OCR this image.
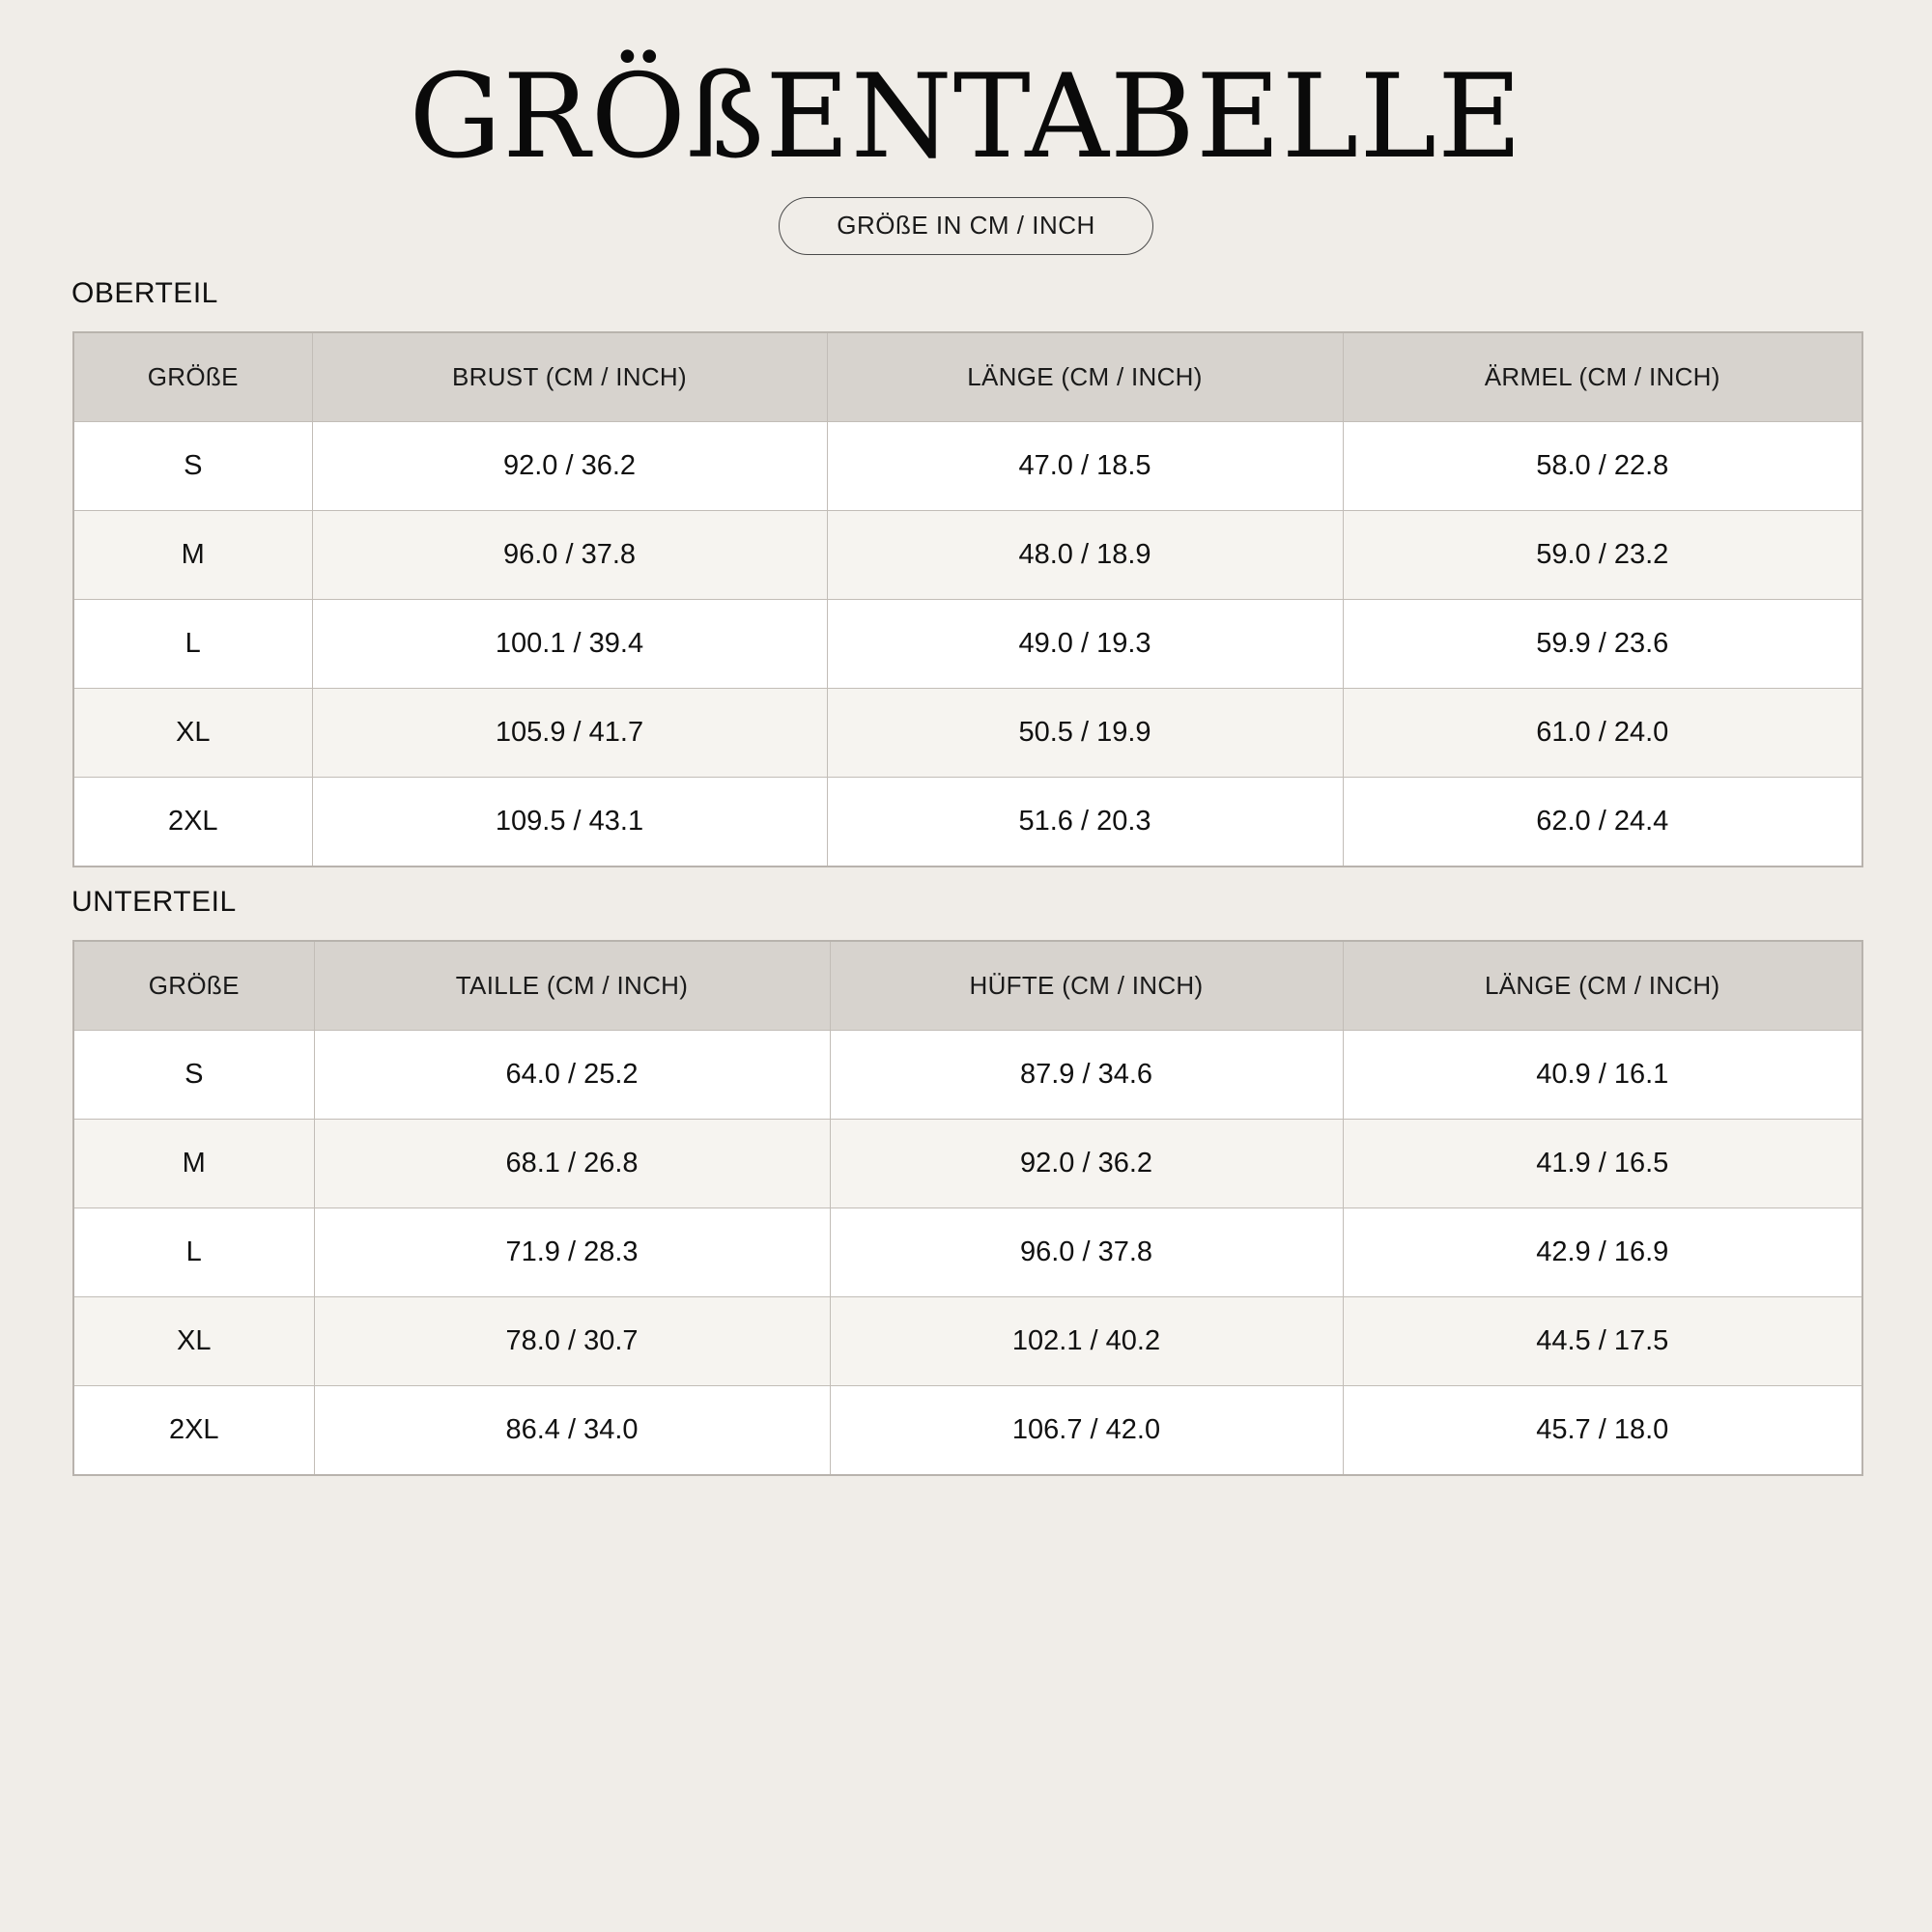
GRÖßENTABELLE
GRÖßE IN CM / INCH
OBERTEIL
GRÖßE	BRUST (CM / INCH)	LÄNGE (CM / INCH)	ÄRMEL (CM / INCH)
S	92.0 / 36.2	47.0 / 18.5	58.0 / 22.8
M	96.0 / 37.8	48.0 / 18.9	59.0 / 23.2
L	100.1 / 39.4	49.0 / 19.3	59.9 / 23.6
XL	105.9 / 41.7	50.5 / 19.9	61.0 / 24.0
2XL	109.5 / 43.1	51.6 / 20.3	62.0 / 24.4
UNTERTEIL
GRÖßE	TAILLE (CM / INCH)	HÜFTE (CM / INCH)	LÄNGE (CM / INCH)
S	64.0 / 25.2	87.9 / 34.6	40.9 / 16.1
M	68.1 / 26.8	92.0 / 36.2	41.9 / 16.5
L	71.9 / 28.3	96.0 / 37.8	42.9 / 16.9
XL	78.0 / 30.7	102.1 / 40.2	44.5 / 17.5
2XL	86.4 / 34.0	106.7 / 42.0	45.7 / 18.0
